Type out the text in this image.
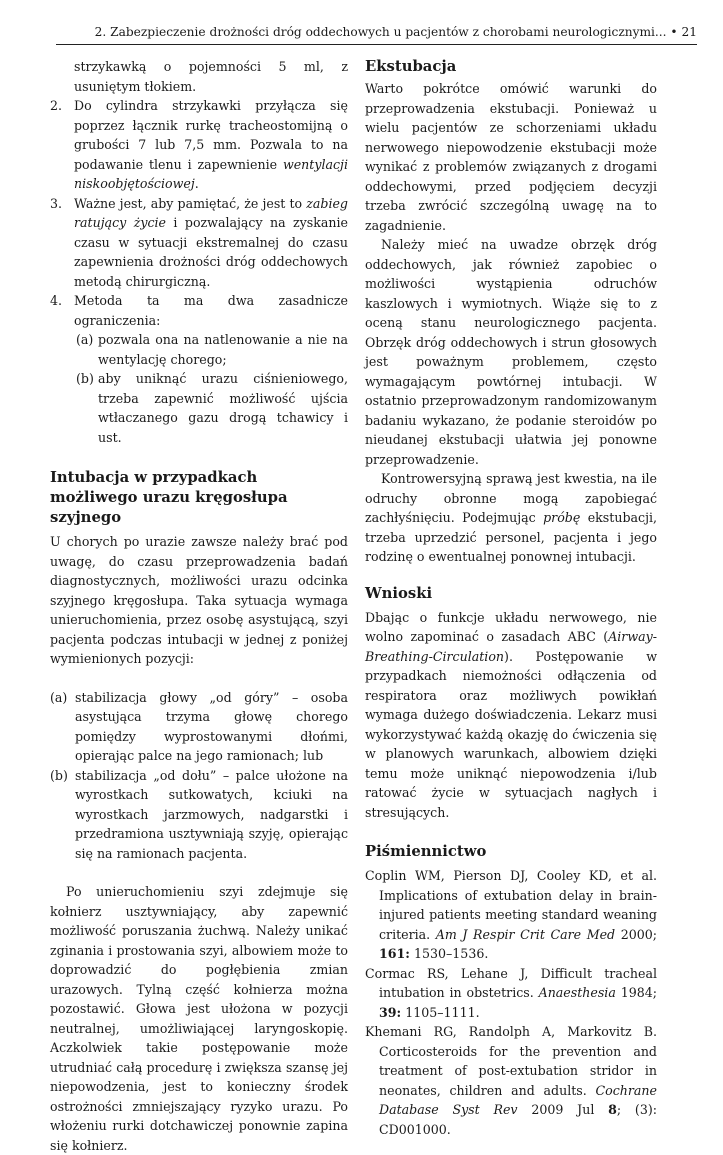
2. Zabezpieczenie drożności dróg oddechowych u pacjentów z chorobami neurologicznymi... • 21
strzykawką o pojemności 5 ml, z usuniętym tłokiem.
2. Do cylindra strzykawki przyłącza się poprzez łącznik rurkę tracheostomijną o grubości 7 lub 7,5 mm. Pozwala to na podawanie tlenu i zapewnienie wentylacji niskoobjętościowej.
3. Ważne jest, aby pamiętać, że jest to zabieg ratujący życie i pozwalający na zyskanie czasu w sytuacji ekstremalnej do czasu zapewnienia drożności dróg oddechowych metodą chirurgiczną.
4. Metoda ta ma dwa zasadnicze ograniczenia:
(a) pozwala ona na natlenowanie a nie na wentylację chorego;
(b) aby uniknąć urazu ciśnieniowego, trzeba zapewnić możliwość ujścia wtłaczanego gazu drogą tchawicy i ust.
Intubacja w przypadkach możliwego urazu kręgosłupa szyjnego

U chorych po urazie zawsze należy brać pod uwagę, do czasu przeprowadzenia badań diagnostycznych, możliwości urazu odcinka szyjnego kręgosłupa. Taka sytuacja wymaga unieruchomienia, przez osobę asystującą, szyi pacjenta podczas intubacji w jednej z poniżej wymienionych pozycji:

(a) stabilizacja głowy „od góry” – osoba asystująca trzyma głowę chorego pomiędzy wyprostowanymi dłońmi, opierając palce na jego ramionach; lub
(b) stabilizacja „od dołu” – palce ułożone na wyrostkach sutkowatych, kciuki na wyrostkach jarzmowych, nadgarstki i przedramiona usztywniają szyję, opierając się na ramionach pacjenta.

Po unieruchomieniu szyi zdejmuje się kołnierz usztywniający, aby zapewnić możliwość poruszania żuchwą. Należy unikać zginania i prostowania szyi, albowiem może to doprowadzić do pogłębienia zmian urazowych. Tylną część kołnierza można pozostawić. Głowa jest ułożona w pozycji neutralnej, umożliwiającej laryngoskopię. Aczkolwiek takie postępowanie może utrudniać całą procedurę i zwiększa szansę jej niepowodzenia, jest to konieczny środek ostrożności zmniejszający ryzyko urazu. Po włożeniu rurki dotchawiczej ponownie zapina się kołnierz.

Ekstubacja

Warto pokrótce omówić warunki do przeprowadzenia ekstubacji. Ponieważ u wielu pacjentów ze schorzeniami układu nerwowego niepowodzenie ekstubacji może wynikać z problemów związanych z drogami oddechowymi, przed podjęciem decyzji trzeba zwrócić szczególną uwagę na to zagadnienie.

Należy mieć na uwadze obrzęk dróg oddechowych, jak również zapobiec o możliwości wystąpienia odruchów kaszlowych i wymiotnych. Wiąże się to z oceną stanu neurologicznego pacjenta. Obrzęk dróg oddechowych i strun głosowych jest poważnym problemem, często wymagającym powtórnej intubacji. W ostatnio przeprowadzonym randomizowanym badaniu wykazano, że podanie steroidów po nieudanej ekstubacji ułatwia jej ponowne przeprowadzenie.

Kontrowersyjną sprawą jest kwestia, na ile odruchy obronne mogą zapobiegać zachłyśnięciu. Podejmując próbę ekstubacji, trzeba uprzedzić personel, pacjenta i jego rodzinę o ewentualnej ponownej intubacji.

Wnioski

Dbając o funkcje układu nerwowego, nie wolno zapominać o zasadach ABC (Airway-Breathing-Circulation). Postępowanie w przypadkach niemożności odłączenia od respiratora oraz możliwych powikłań wymaga dużego doświadczenia. Lekarz musi wykorzystywać każdą okazję do ćwiczenia się w planowych warunkach, albowiem dzięki temu może uniknąć niepowodzenia i/lub ratować życie w sytuacjach nagłych i stresujących.

Piśmiennictwo
Coplin WM, Pierson DJ, Cooley KD, et al. Implications of extubation delay in brain-injured patients meeting standard weaning criteria. Am J Respir Crit Care Med 2000; 161: 1530–1536.
Cormac RS, Lehane J, Difficult tracheal intubation in obstetrics. Anaesthesia 1984; 39: 1105–1111.
Khemani RG, Randolph A, Markovitz B. Corticosteroids for the prevention and treatment of post-extubation stridor in neonates, children and adults. Cochrane Database Syst Rev 2009 Jul 8; (3): CD001000.
